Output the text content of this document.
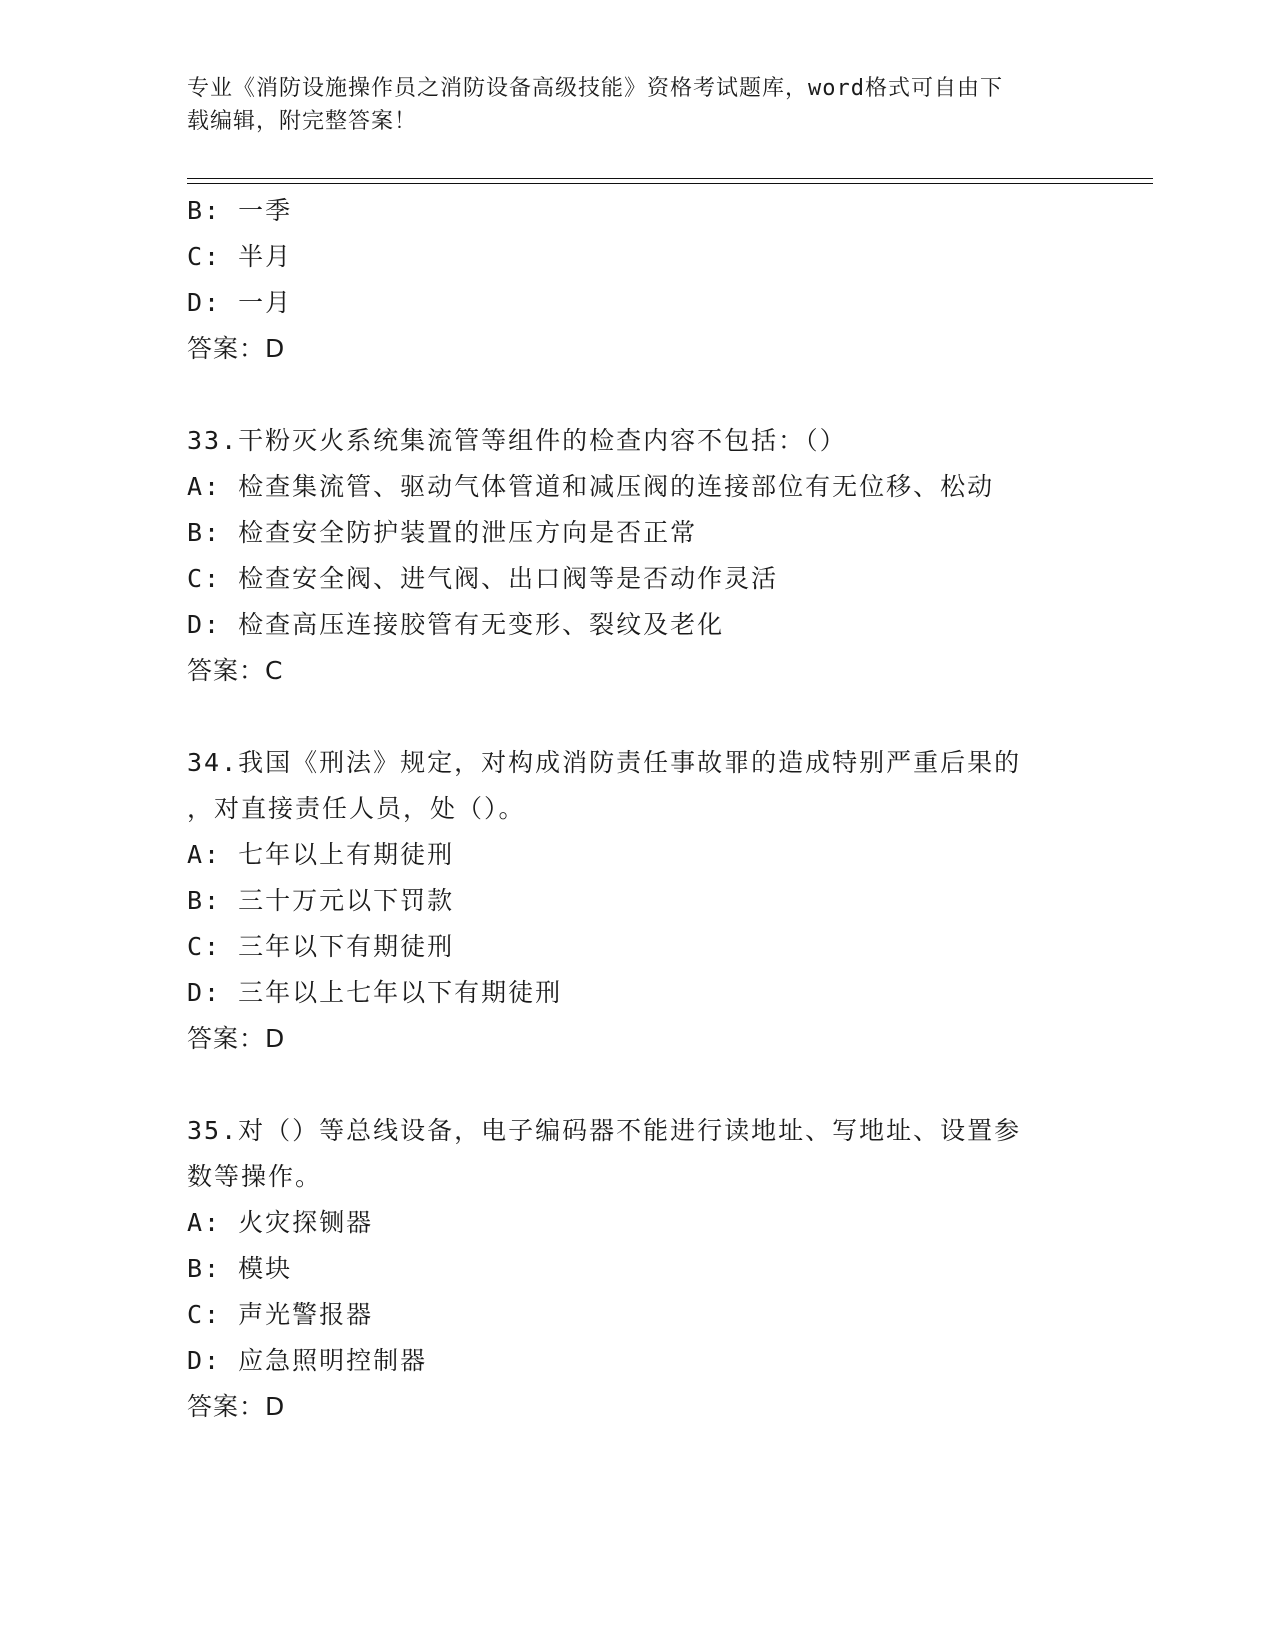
专业《消防设施操作员之消防设备高级技能》资格考试题库，word格式可自由下
载编辑，附完整答案！
B: 一季
C: 半月
D: 一月
答案：D
33.干粉灭火系统集流管等组件的检查内容不包括：（）
A: 检查集流管、驱动气体管道和减压阀的连接部位有无位移、松动
B: 检查安全防护装置的泄压方向是否正常
C: 检查安全阀、进气阀、出口阀等是否动作灵活
D: 检查高压连接胶管有无变形、裂纹及老化
答案：C
34.我国《刑法》规定，对构成消防责任事故罪的造成特别严重后果的
，对直接责任人员，处（）。
A: 七年以上有期徒刑
B: 三十万元以下罚款
C: 三年以下有期徒刑
D: 三年以上七年以下有期徒刑
答案：D
35.对（）等总线设备，电子编码器不能进行读地址、写地址、设置参
数等操作。
A: 火灾探铡器
B: 模块
C: 声光警报器
D: 应急照明控制器
答案：D
